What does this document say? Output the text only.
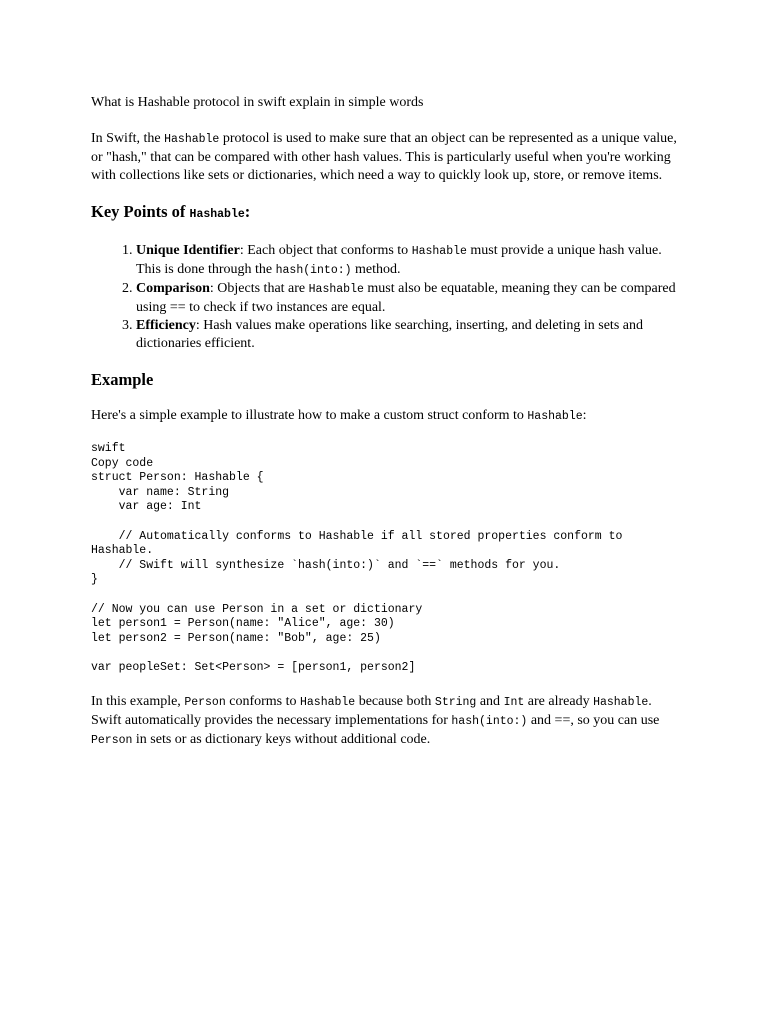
What is Hashable protocol in swift explain in simple words

In Swift, the Hashable protocol is used to make sure that an object can be represented as a unique value, or "hash," that can be compared with other hash values. This is particularly useful when you're working with collections like sets or dictionaries, which need a way to quickly look up, store, or remove items.

Key Points of Hashable:
1. Unique Identifier: Each object that conforms to Hashable must provide a unique hash value. This is done through the hash(into:) method.
2. Comparison: Objects that are Hashable must also be equatable, meaning they can be compared using == to check if two instances are equal.
3. Efficiency: Hash values make operations like searching, inserting, and deleting in sets and dictionaries efficient.
Example

Here's a simple example to illustrate how to make a custom struct conform to Hashable:

swift
Copy code
struct Person: Hashable {
var name: String
var age: Int

// Automatically conforms to Hashable if all stored properties conform to
Hashable.
// Swift will synthesize `hash(into:)` and `==` methods for you.
}

// Now you can use Person in a set or dictionary
let person1 = Person(name: "Alice", age: 30)
let person2 = Person(name: "Bob", age: 25)

var peopleSet: Set<Person> = [person1, person2]

In this example, Person conforms to Hashable because both String and Int are already Hashable. Swift automatically provides the necessary implementations for hash(into:) and ==, so you can use Person in sets or as dictionary keys without additional code.
